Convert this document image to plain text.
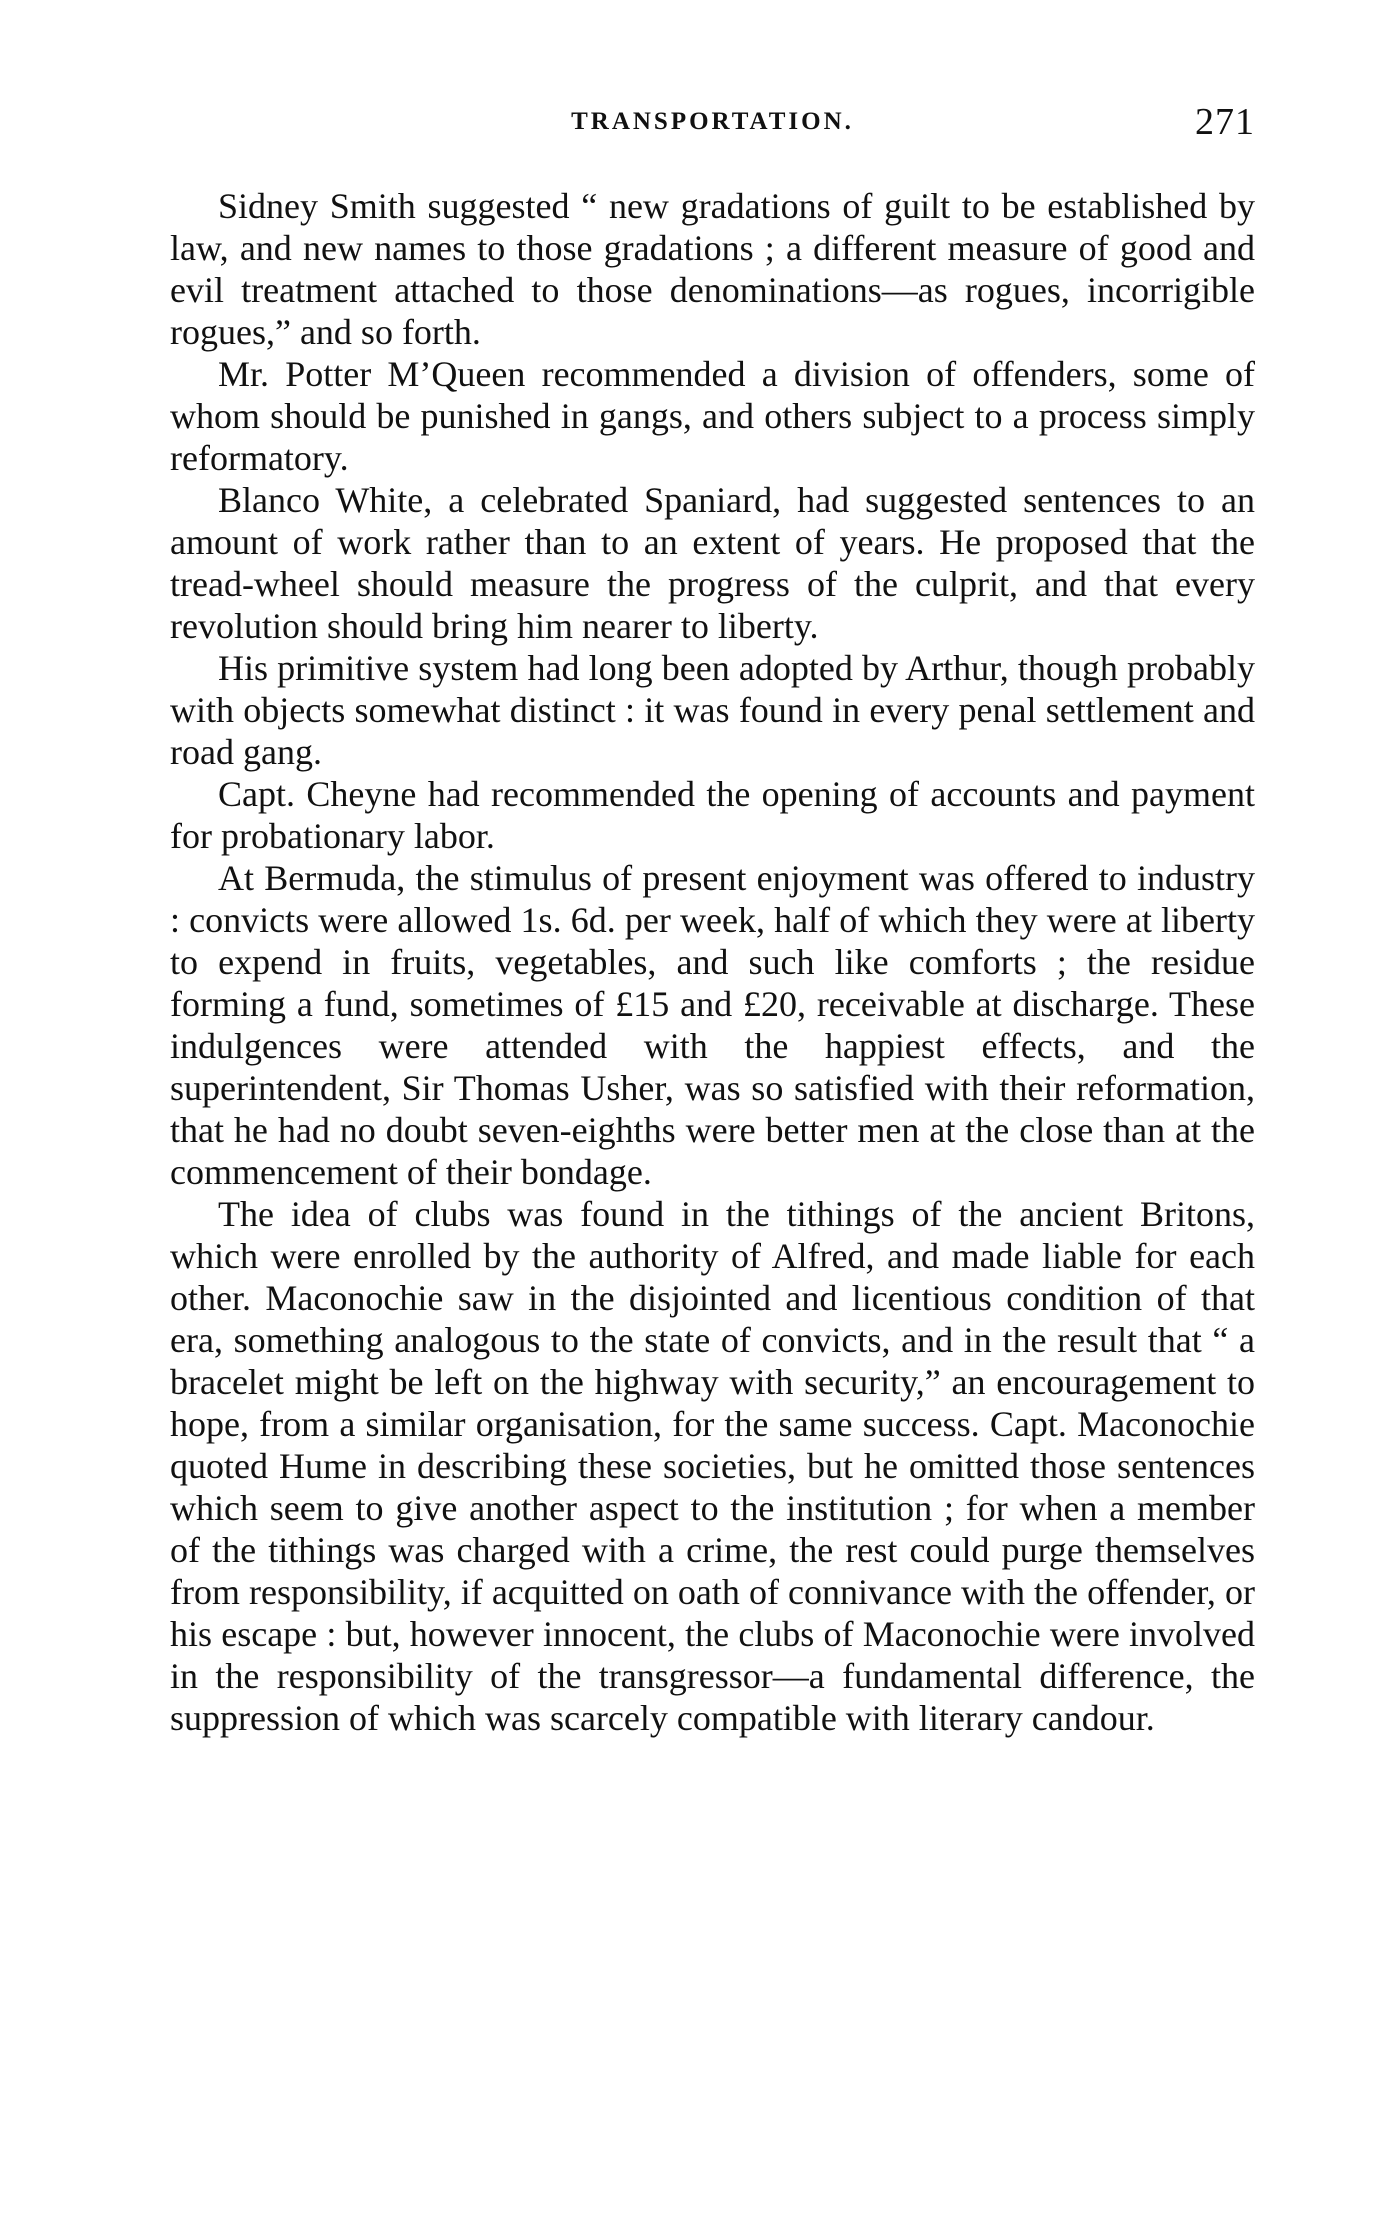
TRANSPORTATION.	271

Sidney Smith suggested “ new gradations of guilt to be established by law, and new names to those gradations ; a different measure of good and evil treatment attached to those denominations—as rogues, incorrigible rogues,” and so forth.

Mr. Potter M’Queen recommended a division of offenders, some of whom should be punished in gangs, and others subject to a process simply reformatory.

Blanco White, a celebrated Spaniard, had suggested sentences to an amount of work rather than to an extent of years. He proposed that the tread-wheel should measure the progress of the culprit, and that every revolution should bring him nearer to liberty.

His primitive system had long been adopted by Arthur, though probably with objects somewhat distinct : it was found in every penal settlement and road gang.

Capt. Cheyne had recommended the opening of accounts and payment for probationary labor.

At Bermuda, the stimulus of present enjoyment was offered to industry : convicts were allowed 1s. 6d. per week, half of which they were at liberty to expend in fruits, vegetables, and such like comforts ; the residue forming a fund, sometimes of £15 and £20, receivable at discharge. These indulgences were attended with the happiest effects, and the superintendent, Sir Thomas Usher, was so satisfied with their reformation, that he had no doubt seven-eighths were better men at the close than at the commencement of their bondage.

The idea of clubs was found in the tithings of the ancient Britons, which were enrolled by the authority of Alfred, and made liable for each other. Maconochie saw in the disjointed and licentious condition of that era, something analogous to the state of convicts, and in the result that “ a bracelet might be left on the highway with security,” an encouragement to hope, from a similar organisation, for the same success. Capt. Maconochie quoted Hume in describing these societies, but he omitted those sentences which seem to give another aspect to the institution ; for when a member of the tithings was charged with a crime, the rest could purge themselves from responsibility, if acquitted on oath of connivance with the offender, or his escape : but, however innocent, the clubs of Maconochie were involved in the responsibility of the transgressor—a fundamental difference, the suppression of which was scarcely compatible with literary candour.
